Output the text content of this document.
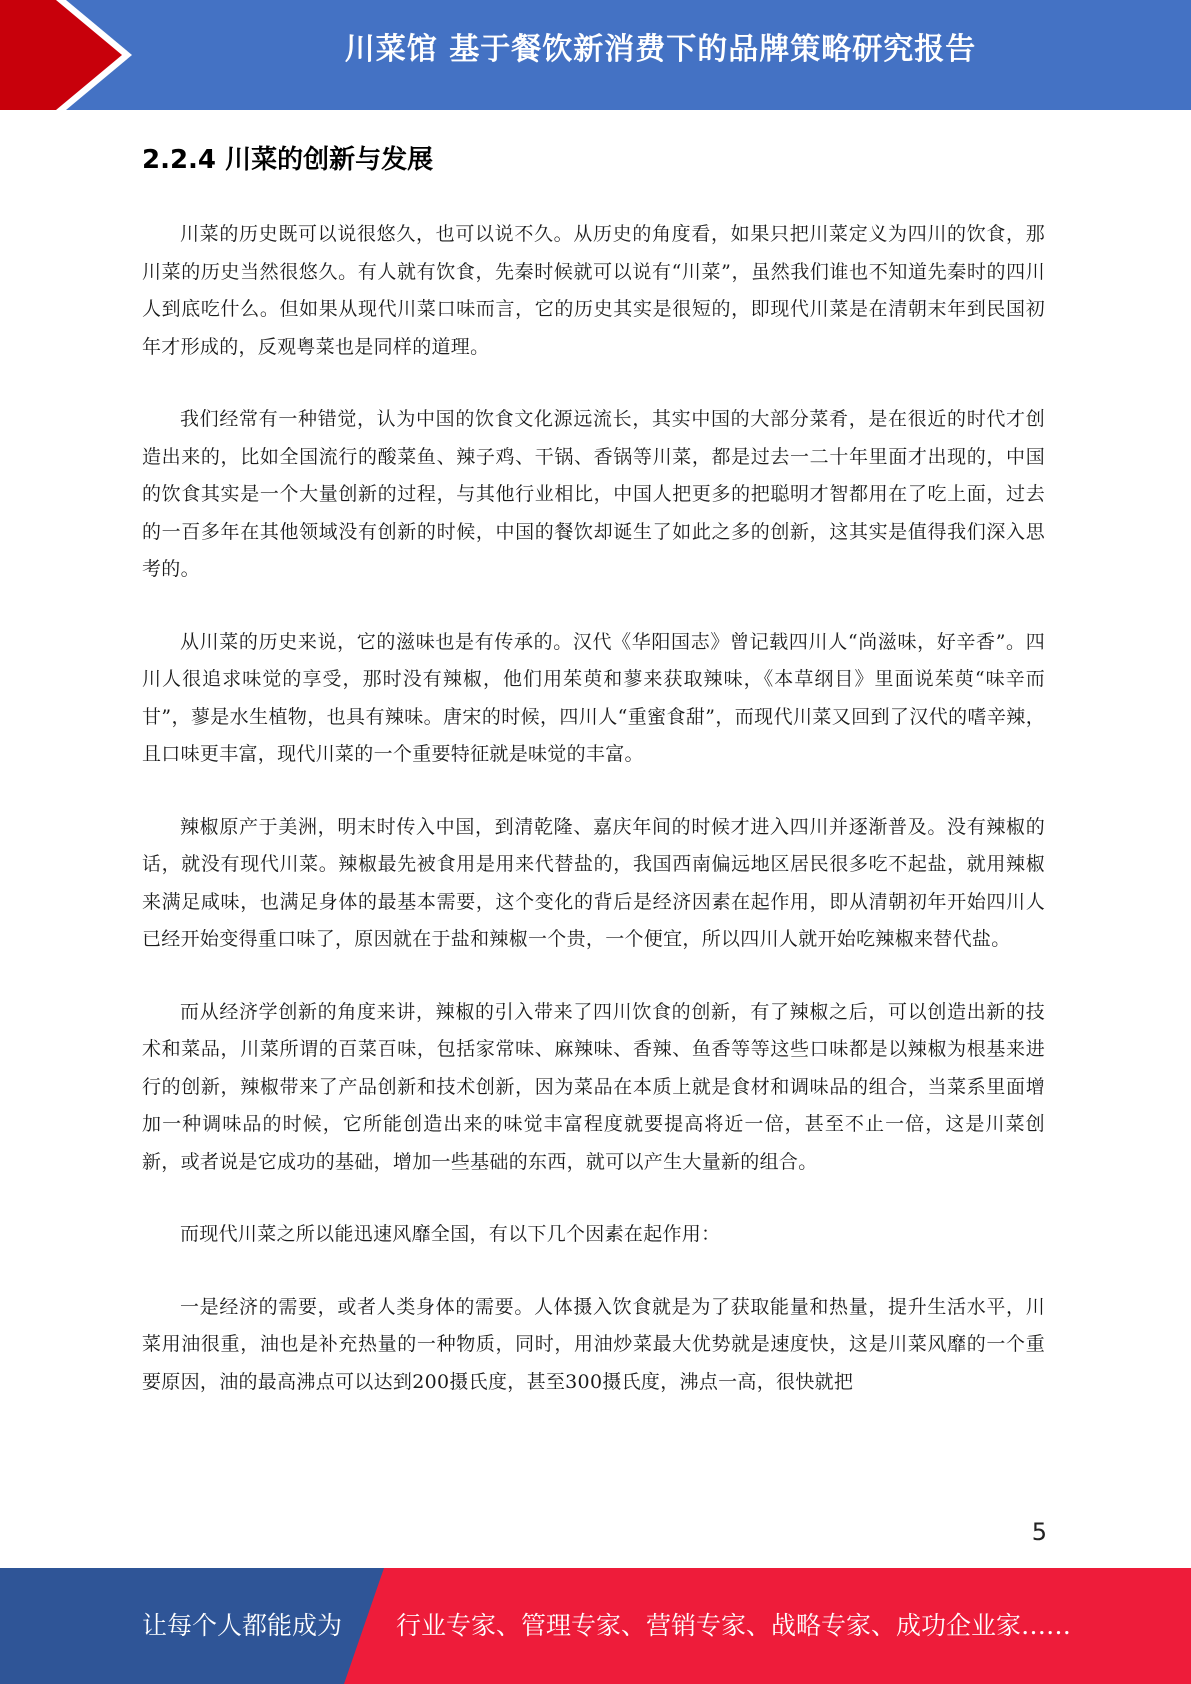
川菜馆 基于餐饮新消费下的品牌策略研究报告
2.2.4 川菜的创新与发展

川菜的历史既可以说很悠久，也可以说不久。从历史的角度看，如果只把川菜定义为四川的饮食，那川菜的历史当然很悠久。有人就有饮食，先秦时候就可以说有“川菜”，虽然我们谁也不知道先秦时的四川人到底吃什么。但如果从现代川菜口味而言，它的历史其实是很短的，即现代川菜是在清朝末年到民国初年才形成的，反观粤菜也是同样的道理。

我们经常有一种错觉，认为中国的饮食文化源远流长，其实中国的大部分菜肴，是在很近的时代才创造出来的，比如全国流行的酸菜鱼、辣子鸡、干锅、香锅等川菜，都是过去一二十年里面才出现的，中国的饮食其实是一个大量创新的过程，与其他行业相比，中国人把更多的把聪明才智都用在了吃上面，过去的一百多年在其他领域没有创新的时候，中国的餐饮却诞生了如此之多的创新，这其实是值得我们深入思考的。

从川菜的历史来说，它的滋味也是有传承的。汉代《华阳国志》曾记载四川人“尚滋味，好辛香”。四川人很追求味觉的享受，那时没有辣椒，他们用茱萸和蓼来获取辣味，《本草纲目》里面说茱萸“味辛而甘”，蓼是水生植物，也具有辣味。唐宋的时候，四川人“重蜜食甜”，而现代川菜又回到了汉代的嗜辛辣，且口味更丰富，现代川菜的一个重要特征就是味觉的丰富。

辣椒原产于美洲，明末时传入中国，到清乾隆、嘉庆年间的时候才进入四川并逐渐普及。没有辣椒的话，就没有现代川菜。辣椒最先被食用是用来代替盐的，我国西南偏远地区居民很多吃不起盐，就用辣椒来满足咸味，也满足身体的最基本需要，这个变化的背后是经济因素在起作用，即从清朝初年开始四川人已经开始变得重口味了，原因就在于盐和辣椒一个贵，一个便宜，所以四川人就开始吃辣椒来替代盐。

而从经济学创新的角度来讲，辣椒的引入带来了四川饮食的创新，有了辣椒之后，可以创造出新的技术和菜品，川菜所谓的百菜百味，包括家常味、麻辣味、香辣、鱼香等等这些口味都是以辣椒为根基来进行的创新，辣椒带来了产品创新和技术创新，因为菜品在本质上就是食材和调味品的组合，当菜系里面增加一种调味品的时候，它所能创造出来的味觉丰富程度就要提高将近一倍，甚至不止一倍，这是川菜创新，或者说是它成功的基础，增加一些基础的东西，就可以产生大量新的组合。

而现代川菜之所以能迅速风靡全国，有以下几个因素在起作用：

一是经济的需要，或者人类身体的需要。人体摄入饮食就是为了获取能量和热量，提升生活水平，川菜用油很重，油也是补充热量的一种物质，同时，用油炒菜最大优势就是速度快，这是川菜风靡的一个重要原因，油的最高沸点可以达到200摄氏度，甚至300摄氏度，沸点一高，很快就把

5
让每个人都能成为 行业专家、管理专家、营销专家、战略专家、成功企业家……
